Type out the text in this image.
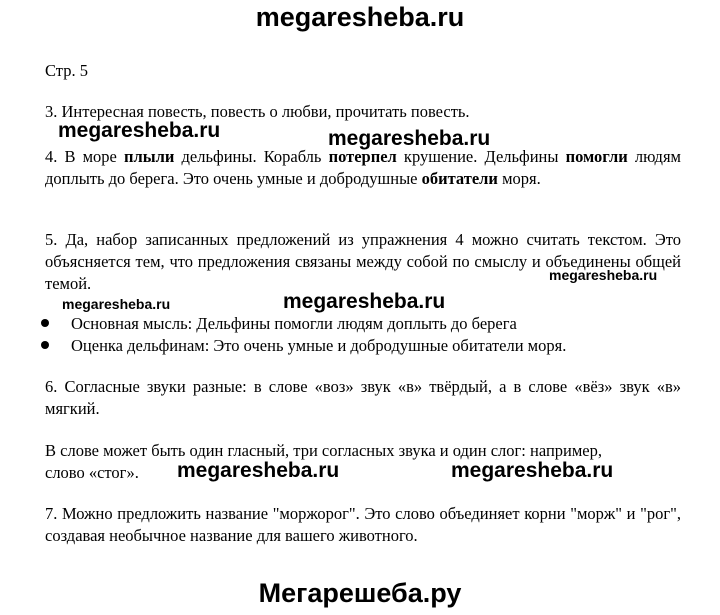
megaresheba.ru
Стр. 5
3. Интересная повесть, повесть о любви, прочитать повесть.
4. В море плыли дельфины. Корабль потерпел крушение. Дельфины помогли людям доплыть до берега. Это очень умные и добродушные обитатели моря.
5. Да, набор записанных предложений из упражнения 4 можно считать текстом. Это объясняется тем, что предложения связаны между собой по смыслу и объединены общей темой.
Основная мысль: Дельфины помогли людям доплыть до берега
Оценка дельфинам: Это очень умные и добродушные обитатели моря.
6. Согласные звуки разные: в слове «воз» звук «в» твёрдый, а в слове «вёз» звук «в» мягкий.
В слове может быть один гласный, три согласных звука и один слог: например, слово «стог».
7. Можно предложить название "моржорог". Это слово объединяет корни "морж" и "рог", создавая необычное название для вашего животного.
megaresheba.ru	megaresheba.ru
megaresheba.ru
megaresheba.ru	megaresheba.ru
megaresheba.ru	megaresheba.ru
Мегарешеба.ру
